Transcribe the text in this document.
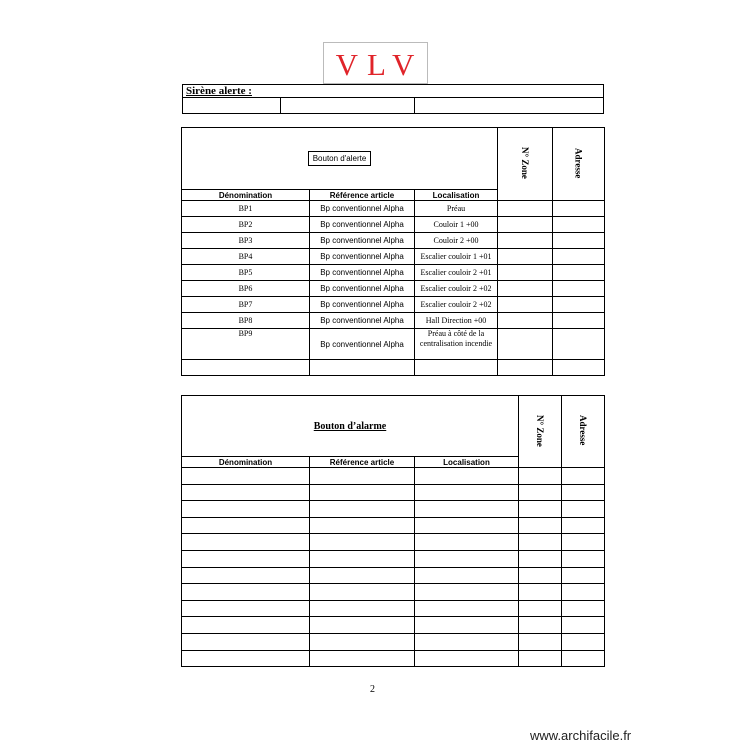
VLV
Sirène alerte :
Bouton d'alerte			N° Zone	Adresse
Dénomination	Référence article	Localisation		
BP1	Bp conventionnel Alpha	Préau		
BP2	Bp conventionnel Alpha	Couloir 1 +00		
BP3	Bp conventionnel Alpha	Couloir 2 +00		
BP4	Bp conventionnel Alpha	Escalier couloir 1 +01		
BP5	Bp conventionnel Alpha	Escalier couloir 2 +01		
BP6	Bp conventionnel Alpha	Escalier couloir 2 +02		
BP7	Bp conventionnel Alpha	Escalier couloir 2 +02		
BP8	Bp conventionnel Alpha	Hall Direction +00		
BP9	Bp conventionnel Alpha	Préau à côté de la centralisation incendie		

Bouton d’alarme			N° Zone	Adresse
Dénomination	Référence article	Localisation		

2
www.archifacile.fr
